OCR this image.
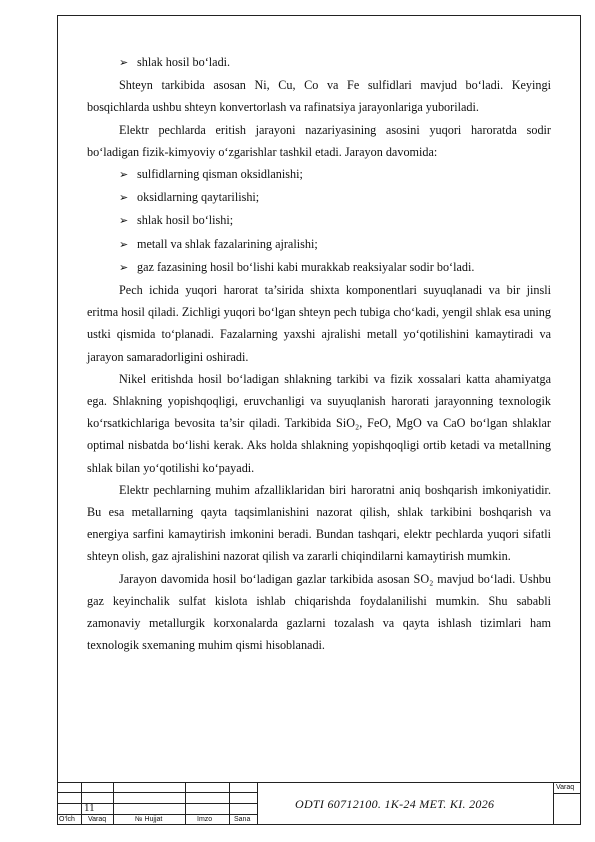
➢ shlak hosil bo‘ladi.

Shteyn tarkibida asosan Ni, Cu, Co va Fe sulfidlari mavjud bo‘ladi. Keyingi bosqichlarda ushbu shteyn konvertorlash va rafinatsiya jarayonlariga yuboriladi.

Elektr pechlarda eritish jarayoni nazariyasining asosini yuqori haroratda sodir bo‘ladigan fizik-kimyoviy o‘zgarishlar tashkil etadi. Jarayon davomida:

➢ sulfidlarning qisman oksidlanishi;

➢ oksidlarning qaytarilishi;

➢ shlak hosil bo‘lishi;

➢ metall va shlak fazalarining ajralishi;

➢ gaz fazasining hosil bo‘lishi kabi murakkab reaksiyalar sodir bo‘ladi.

Pech ichida yuqori harorat ta’sirida shixta komponentlari suyuqlanadi va bir jinsli eritma hosil qiladi. Zichligi yuqori bo‘lgan shteyn pech tubiga cho‘kadi, yengil shlak esa uning ustki qismida to‘planadi. Fazalarning yaxshi ajralishi metall yo‘qotilishini kamaytiradi va jarayon samaradorligini oshiradi.

Nikel eritishda hosil bo‘ladigan shlakning tarkibi va fizik xossalari katta ahamiyatga ega. Shlakning yopishqoqligi, eruvchanligi va suyuqlanish harorati jarayonning texnologik ko‘rsatkichlariga bevosita ta’sir qiladi. Tarkibida SiO₂, FeO, MgO va CaO bo‘lgan shlaklar optimal nisbatda bo‘lishi kerak. Aks holda shlakning yopishqoqligi ortib ketadi va metallning shlak bilan yo‘qotilishi ko‘payadi.

Elektr pechlarning muhim afzalliklaridan biri haroratni aniq boshqarish imkoniyatidir. Bu esa metallarning qayta taqsimlanishini nazorat qilish, shlak tarkibini boshqarish va energiya sarfini kamaytirish imkonini beradi. Bundan tashqari, elektr pechlarda yuqori sifatli shteyn olish, gaz ajralishini nazorat qilish va zararli chiqindilarni kamaytirish mumkin.

Jarayon davomida hosil bo‘ladigan gazlar tarkibida asosan SO₂ mavjud bo‘ladi. Ushbu gaz keyinchalik sulfat kislota ishlab chiqarishda foydalanilishi mumkin. Shu sababli zamonaviy metallurgik korxonalarda gazlarni tozalash va qayta ishlash tizimlari ham texnologik sxemaning muhim qismi hisoblanadi.

11
O‘lch Varaq	№ Hujjat	Imzo	Sana
ODTI 60712100. 1K-24 MET. KI. 2026
Varaq
